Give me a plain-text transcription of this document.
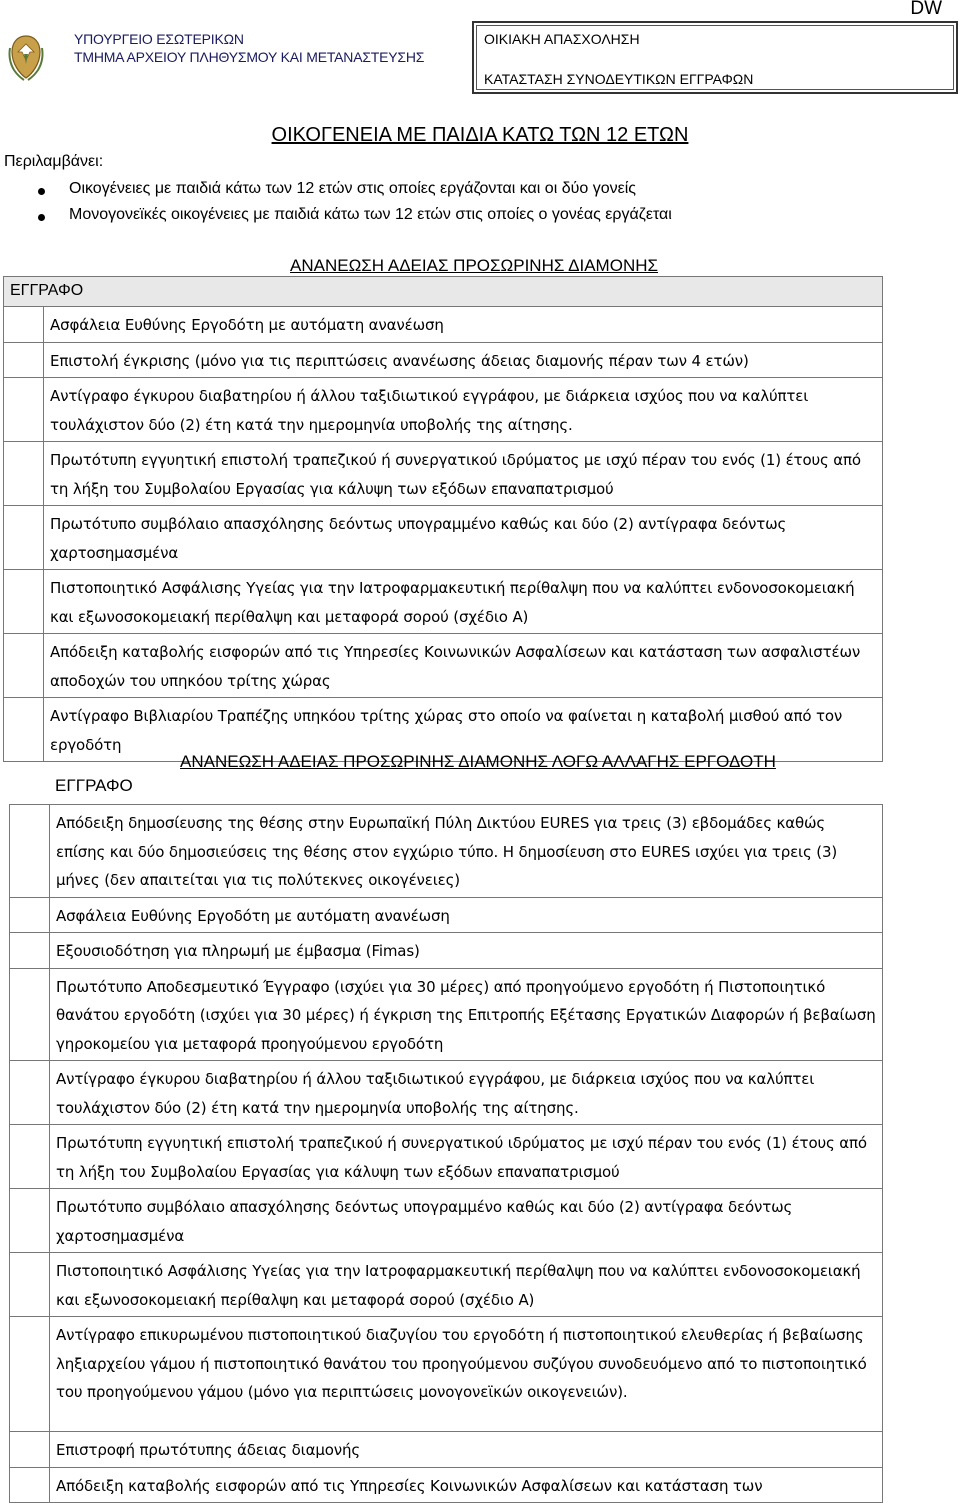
DW
ΥΠΟΥΡΓΕΙΟ ΕΣΩΤΕΡΙΚΩΝ
ΤΜΗΜΑ ΑΡΧΕΙΟΥ ΠΛΗΘΥΣΜΟΥ ΚΑΙ ΜΕΤΑΝΑΣΤΕΥΣΗΣ
ΟΙΚΙΑΚΗ ΑΠΑΣΧΟΛΗΣΗ
ΚΑΤΑΣΤΑΣΗ ΣΥΝΟΔΕΥΤΙΚΩΝ ΕΓΓΡΑΦΩΝ
ΟΙΚΟΓΕΝΕΙΑ ΜΕ ΠΑΙΔΙΑ ΚΑΤΩ ΤΩΝ 12 ΕΤΩΝ
Περιλαμβάνει:
Οικογένειες με παιδιά κάτω των 12 ετών στις οποίες εργάζονται και οι δύο γονείς
Μονογονεϊκές οικογένειες με παιδιά κάτω των 12 ετών στις οποίες ο γονέας εργάζεται
ΑΝΑΝΕΩΣΗ ΑΔΕΙΑΣ ΠΡΟΣΩΡΙΝΗΣ ΔΙΑΜΟΝΗΣ
ΕΓΓΡΑΦΟ	
	Ασφάλεια Ευθύνης Εργοδότη με αυτόματη ανανέωση
	Επιστολή έγκρισης (μόνο για τις περιπτώσεις ανανέωσης άδειας διαμονής πέραν των 4 ετών)
	Αντίγραφο έγκυρου διαβατηρίου ή άλλου ταξιδιωτικού εγγράφου, με διάρκεια ισχύος που να καλύπτει τουλάχιστον δύο (2) έτη κατά την ημερομηνία υποβολής της αίτησης.
	Πρωτότυπη εγγυητική επιστολή τραπεζικού ή συνεργατικού ιδρύματος με ισχύ πέραν του ενός (1) έτους από τη λήξη του Συμβολαίου Εργασίας για κάλυψη των εξόδων επαναπατρισμού
	Πρωτότυπο συμβόλαιο απασχόλησης δεόντως υπογραμμένο καθώς και δύο (2) αντίγραφα δεόντως χαρτοσημασμένα
	Πιστοποιητικό Ασφάλισης Υγείας για την Ιατροφαρμακευτική περίθαλψη που να καλύπτει ενδονοσοκομειακή και εξωνοσοκομειακή περίθαλψη και μεταφορά σορού (σχέδιο Α)
	Απόδειξη καταβολής εισφορών από τις Υπηρεσίες Κοινωνικών Ασφαλίσεων και κατάσταση των ασφαλιστέων αποδοχών του υπηκόου τρίτης χώρας
	Αντίγραφο Βιβλιαρίου Τραπέζης υπηκόου τρίτης χώρας στο οποίο να φαίνεται η καταβολή μισθού από τον εργοδότη
ΑΝΑΝΕΩΣΗ ΑΔΕΙΑΣ ΠΡΟΣΩΡΙΝΗΣ ΔΙΑΜΟΝΗΣ ΛΟΓΩ ΑΛΛΑΓΗΣ ΕΡΓΟΔΟΤΗ
ΕΓΓΡΑΦΟ
	Απόδειξη δημοσίευσης της θέσης στην Ευρωπαϊκή Πύλη Δικτύου EURES για τρεις (3) εβδομάδες καθώς επίσης και δύο δημοσιεύσεις της θέσης στον εγχώριο τύπο. Η δημοσίευση στο EURES ισχύει για τρεις (3) μήνες (δεν απαιτείται για τις πολύτεκνες οικογένειες)
	Ασφάλεια Ευθύνης Εργοδότη με αυτόματη ανανέωση
	Εξουσιοδότηση για πληρωμή με έμβασμα (Fimas)
	Πρωτότυπο Αποδεσμευτικό Έγγραφο (ισχύει για 30 μέρες) από προηγούμενο εργοδότη ή Πιστοποιητικό θανάτου εργοδότη (ισχύει για 30 μέρες) ή έγκριση της Επιτροπής Εξέτασης Εργατικών Διαφορών ή βεβαίωση γηροκομείου για μεταφορά προηγούμενου εργοδότη
	Αντίγραφο έγκυρου διαβατηρίου ή άλλου ταξιδιωτικού εγγράφου, με διάρκεια ισχύος που να καλύπτει τουλάχιστον δύο (2) έτη κατά την ημερομηνία υποβολής της αίτησης.
	Πρωτότυπη εγγυητική επιστολή τραπεζικού ή συνεργατικού ιδρύματος με ισχύ πέραν του ενός (1) έτους από τη λήξη του Συμβολαίου Εργασίας για κάλυψη των εξόδων επαναπατρισμού
	Πρωτότυπο συμβόλαιο απασχόλησης δεόντως υπογραμμένο καθώς και δύο (2) αντίγραφα δεόντως χαρτοσημασμένα
	Πιστοποιητικό Ασφάλισης Υγείας για την Ιατροφαρμακευτική περίθαλψη που να καλύπτει ενδονοσοκομειακή και εξωνοσοκομειακή περίθαλψη και μεταφορά σορού (σχέδιο Α)
	Αντίγραφο επικυρωμένου πιστοποιητικού διαζυγίου του εργοδότη ή πιστοποιητικού ελευθερίας ή βεβαίωσης ληξιαρχείου γάμου ή πιστοποιητικό θανάτου του προηγούμενου συζύγου συνοδευόμενο από το πιστοποιητικό του προηγούμενου γάμου (μόνο για περιπτώσεις μονογονεϊκών οικογενειών).
	Επιστροφή πρωτότυπης άδειας διαμονής
	Απόδειξη καταβολής εισφορών από τις Υπηρεσίες Κοινωνικών Ασφαλίσεων και κατάσταση των
